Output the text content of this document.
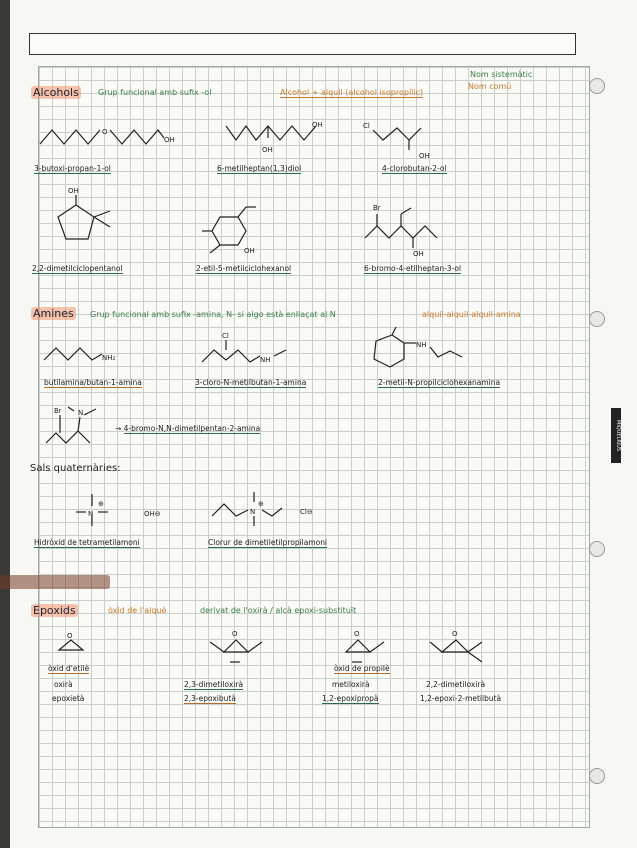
MIQUELRIUS
Alcohols Grup funcional amb sufix -ol	Alcohol + alquil (alcohol isopropílic)
Nom sistemàtic
Nom comú
O
OH
3-butoxi-propan-1-ol
OH
OH
6-metilheptan(1,3)diol
Cl
OH
4-clorobutan-2-ol
OH
2,2-dimetilciclopentanol
OH
2-etil-5-metilciclohexanol
Br
OH
6-bromo-4-etilheptan-3-ol
Amines Grup funcional amb sufix -amina, N- si algo està enllaçat al N	alquil-alquil-alquil-amina
NH₂
butilamina/butan-1-amina
Cl
NH
3-cloro-N-metilbutan-1-amina
NH
2-metil-N-propilciclohexanamina
Br N
→ 4-bromo-N,N-dimetilpentan-2-amina
Sals quaternàries:
N
⊕
OH⊖
Hidròxid de tetrametilamoni
N
⊕
Cl⊖
Clorur de dimetiletilpropilamoni
Epoxids	òxid de l'alquè	derivat de l'oxirà / alcà epoxi-substituït
O
òxid d'etilè
oxirà
epoxietà
O
2,3-dimetiloxirà
2,3-epoxibutà
O
òxid de propilè
metiloxirà
1,2-epoxipropà
O
2,2-dimetiloxirà
1,2-epoxi-2-metilbutà
